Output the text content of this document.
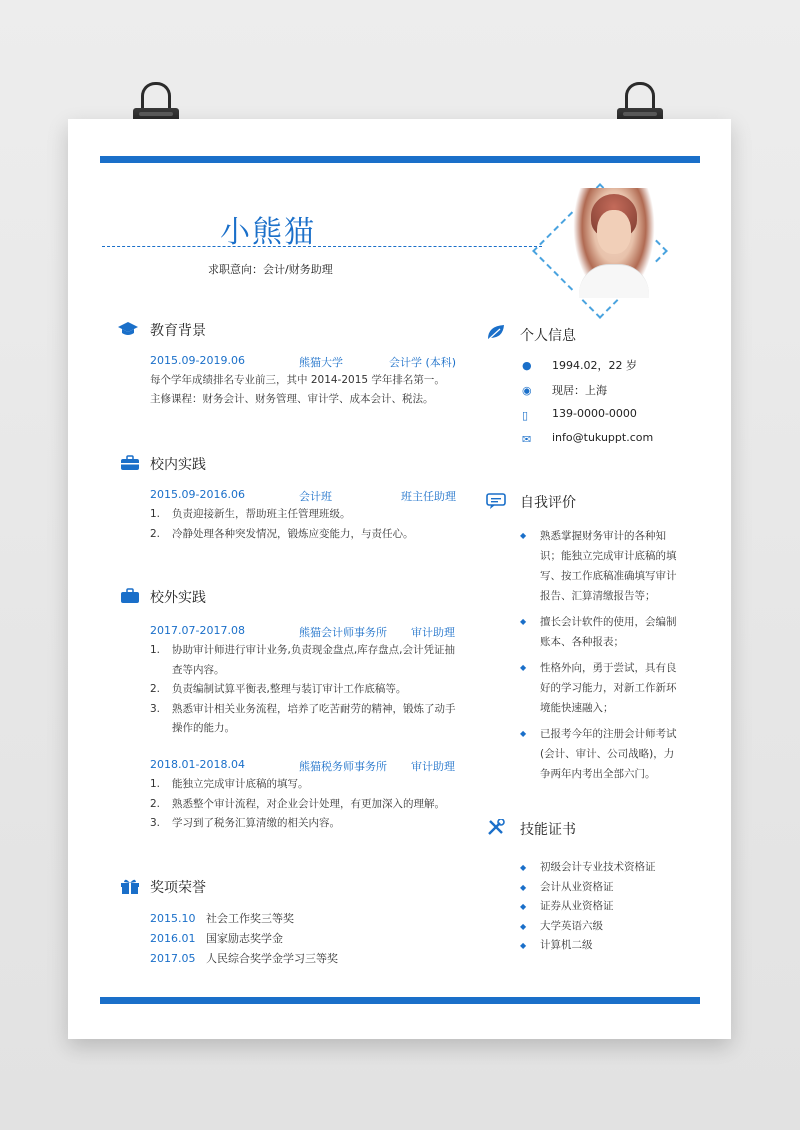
小熊猫
求职意向：会计/财务助理
教育背景
2015.09-2019.06	熊猫大学	会计学 (本科)
每个学年成绩排名专业前三，其中 2014-2015 学年排名第一。
主修课程：财务会计、财务管理、审计学、成本会计、税法。
校内实践
2015.09-2016.06	会计班	班主任助理
1.	负责迎接新生，帮助班主任管理班级。
2.	冷静处理各种突发情况，锻炼应变能力，与责任心。
校外实践
2017.07-2017.08	熊猫会计师事务所	审计助理
1.	协助审计师进行审计业务,负责现金盘点,库存盘点,会计凭证抽查等内容。
2.	负责编制试算平衡表,整理与装订审计工作底稿等。
3.	熟悉审计相关业务流程，培养了吃苦耐劳的精神，锻炼了动手操作的能力。
2018.01-2018.04	熊猫税务师事务所	审计助理
1.	能独立完成审计底稿的填写。
2.	熟悉整个审计流程，对企业会计处理，有更加深入的理解。
3.	学习到了税务汇算清缴的相关内容。
奖项荣誉
2015.10 社会工作奖三等奖
2016.01 国家励志奖学金
2017.05 人民综合奖学金学习三等奖
个人信息
● 1994.02，22 岁
◉ 现居：上海
▯	139-0000-0000
✉ info@tukuppt.com
自我评价
◆ 熟悉掌握财务审计的各种知识；能独立完成审计底稿的填写、按工作底稿准确填写审计报告、汇算清缴报告等；
◆ 擅长会计软件的使用，会编制账本、各种报表；
◆ 性格外向，勇于尝试，具有良好的学习能力，对新工作新环境能快速融入；
◆ 已报考今年的注册会计师考试(会计、审计、公司战略)，力争两年内考出全部六门。
技能证书
◆ 初级会计专业技术资格证
◆ 会计从业资格证
◆ 证券从业资格证
◆ 大学英语六级
◆ 计算机二级
